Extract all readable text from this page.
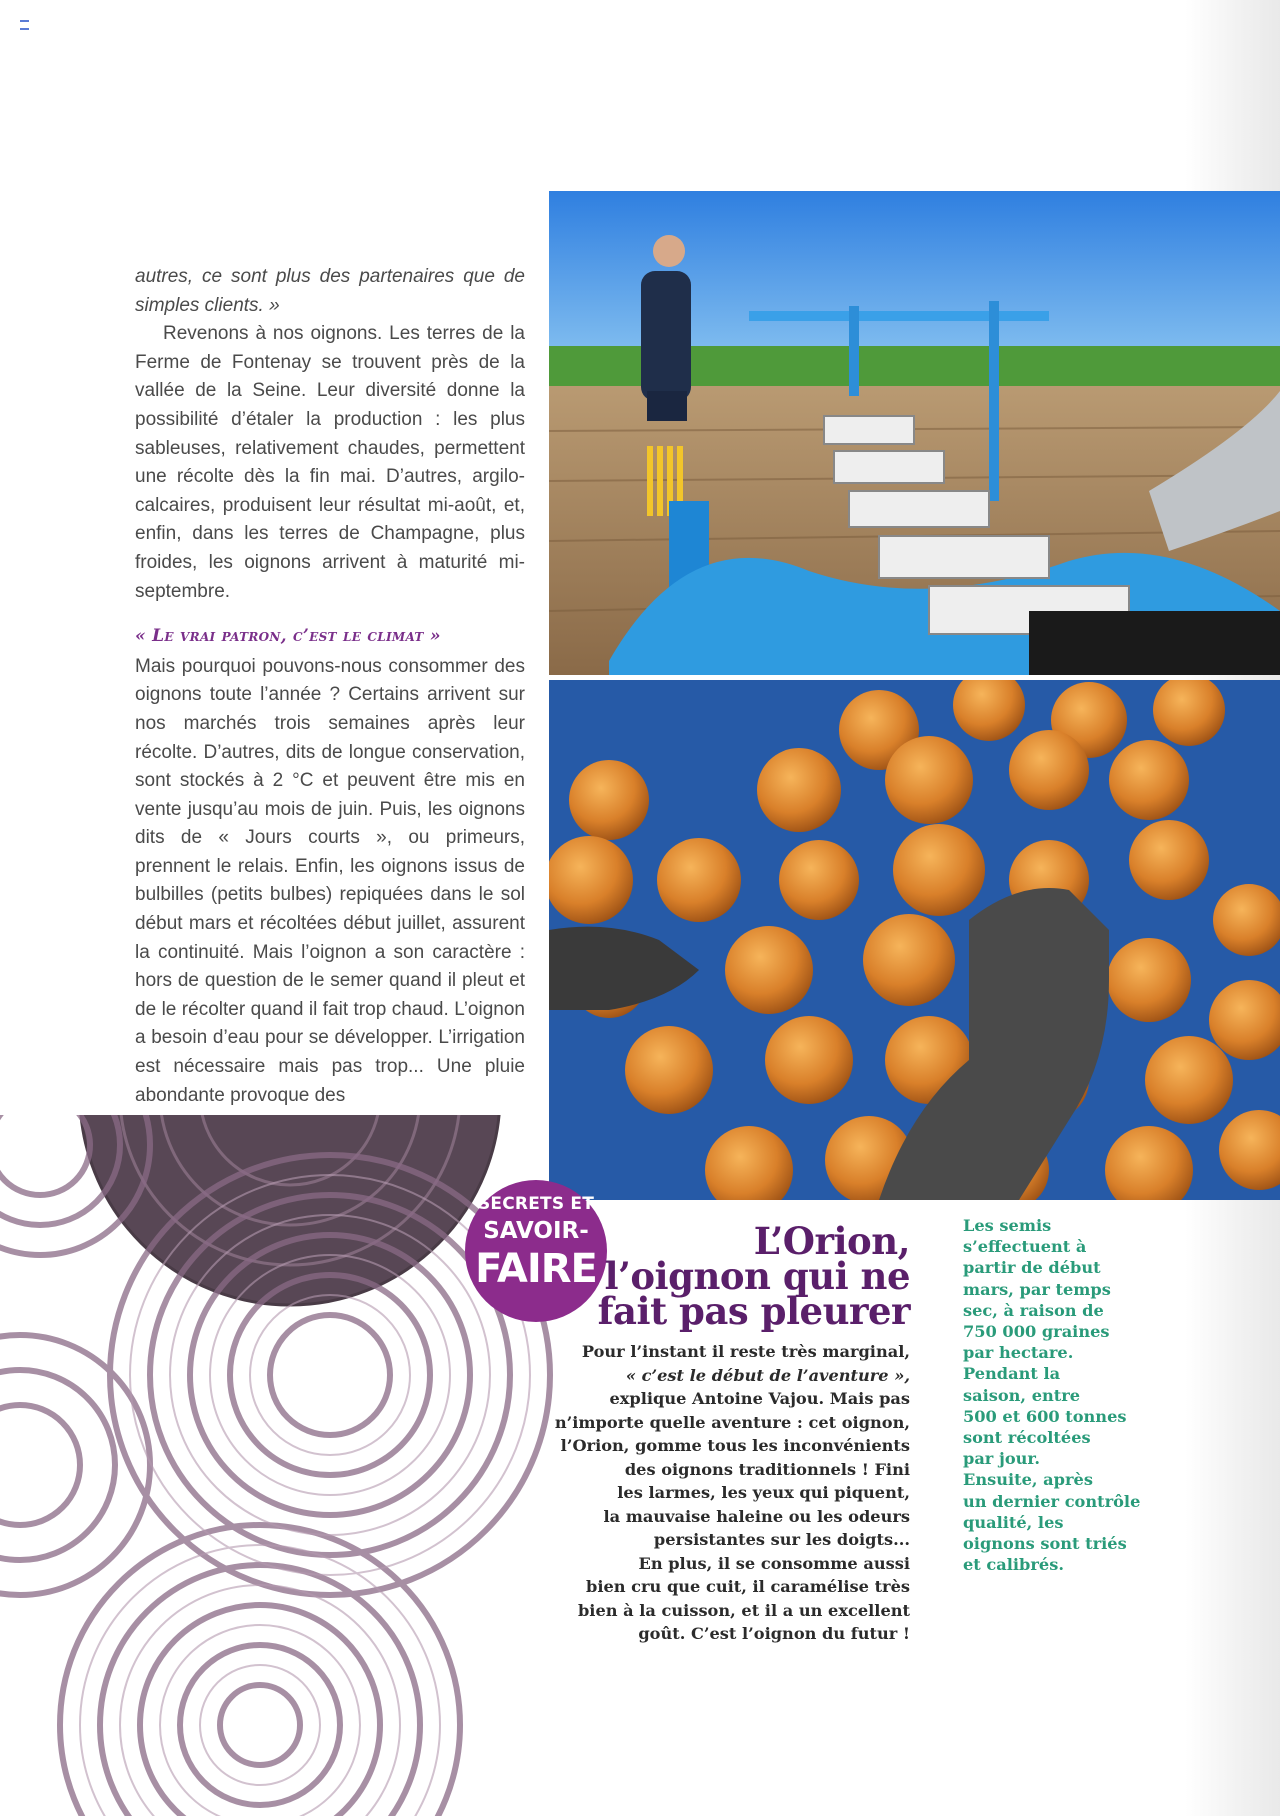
autres, ce sont plus des partenaires que de simples clients. »

Revenons à nos oignons. Les terres de la Ferme de Fontenay se trouvent près de la vallée de la Seine. Leur diversité donne la possibilité d’étaler la production : les plus sableuses, relativement chaudes, permettent une récolte dès la fin mai. D’autres, argilo-calcaires, produisent leur résultat mi-août, et, enfin, dans les terres de Champagne, plus froides, les oignons arrivent à maturité mi-septembre.

« Le vrai patron, c’est le climat »

Mais pourquoi pouvons-nous consommer des oignons toute l’année ? Certains arrivent sur nos marchés trois semaines après leur récolte. D’autres, dits de longue conservation, sont stockés à 2 °C et peuvent être mis en vente jusqu’au mois de juin. Puis, les oignons dits de « Jours courts », ou primeurs, prennent le relais. Enfin, les oignons issus de bulbilles (petits bulbes) repiquées dans le sol début mars et récoltées début juillet, assurent la continuité. Mais l’oignon a son caractère : hors de question de le semer quand il pleut et de le récolter quand il fait trop chaud. L’oignon a besoin d’eau pour se développer. L’irrigation est nécessaire mais pas trop... Une pluie abondante provoque des

SECRETS ET
SAVOIR-
FAIRE
L’Orion,
l’oignon qui ne
fait pas pleurer
Pour l’instant il reste très marginal,
« c’est le début de l’aventure »,
explique Antoine Vajou. Mais pas
n’importe quelle aventure : cet oignon,
l’Orion, gomme tous les inconvénients
des oignons traditionnels ! Fini
les larmes, les yeux qui piquent,
la mauvaise haleine ou les odeurs
persistantes sur les doigts...
En plus, il se consomme aussi
bien cru que cuit, il caramélise très
bien à la cuisson, et il a un excellent
goût. C’est l’oignon du futur !
Les semis
s’effectuent à
partir de début
mars, par temps
sec, à raison de
750 000 graines
par hectare.
Pendant la
saison, entre
500 et 600 tonnes
sont récoltées
par jour.
Ensuite, après
un dernier contrôle
qualité, les
oignons sont triés
et calibrés.
